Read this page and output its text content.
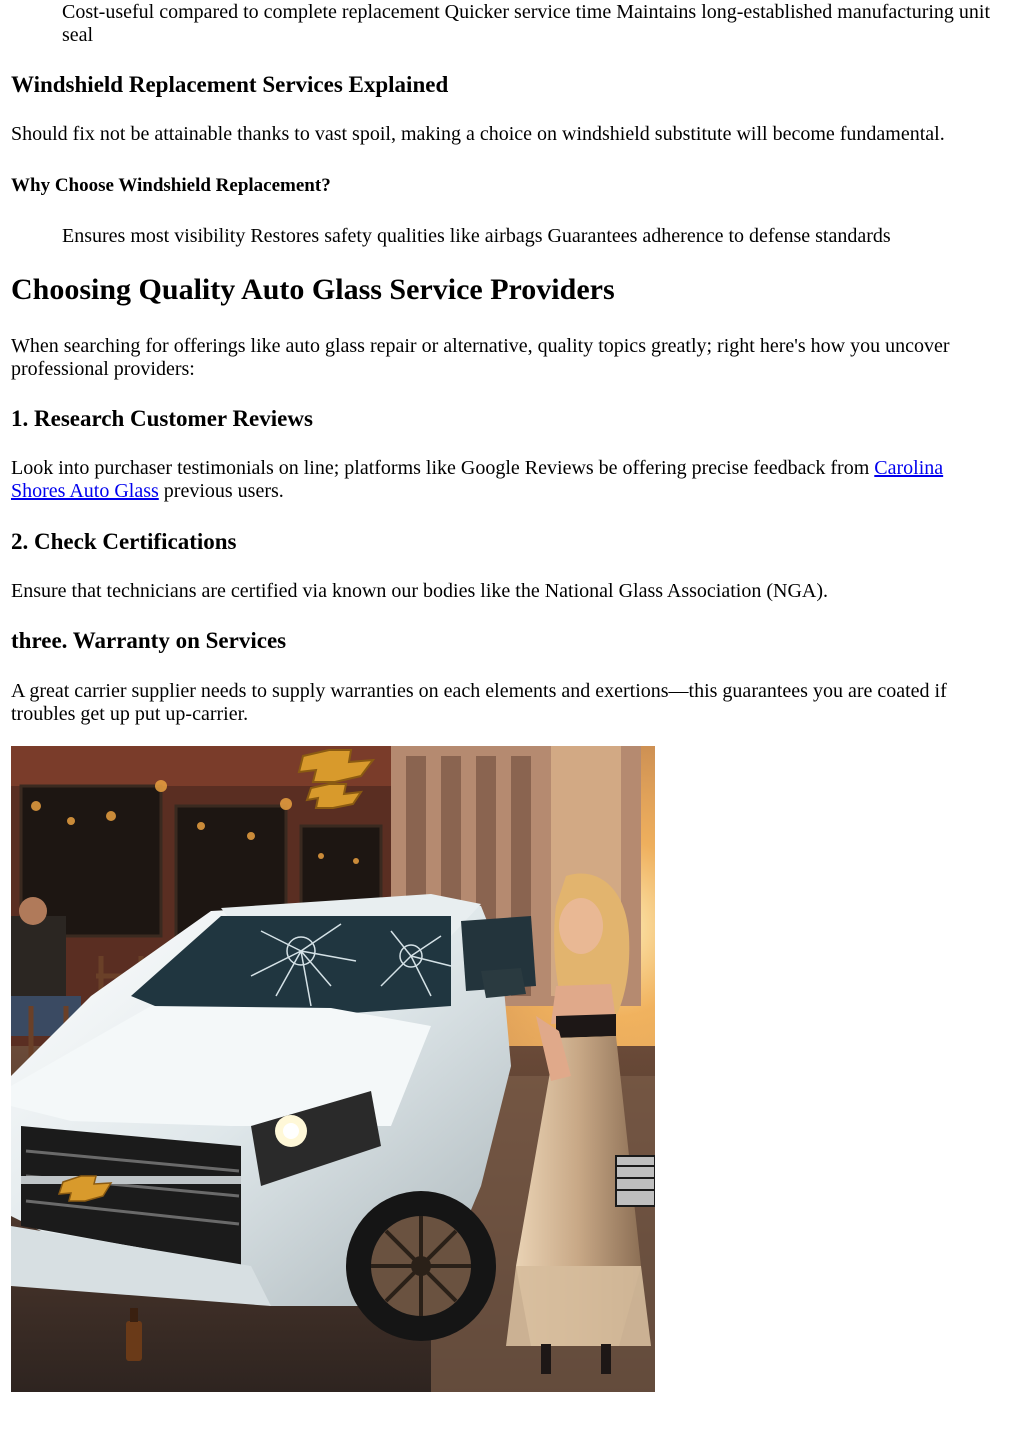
Cost-useful compared to complete replacement Quicker service time Maintains long-established manufacturing unit seal
Windshield Replacement Services Explained

Should fix not be attainable thanks to vast spoil, making a choice on windshield substitute will become fundamental.

Why Choose Windshield Replacement?
Ensures most visibility Restores safety qualities like airbags Guarantees adherence to defense standards
Choosing Quality Auto Glass Service Providers

When searching for offerings like auto glass repair or alternative, quality topics greatly; right here's how you uncover professional providers:

1. Research Customer Reviews

Look into purchaser testimonials on line; platforms like Google Reviews be offering precise feedback from Carolina Shores Auto Glass previous users.

2. Check Certifications

Ensure that technicians are certified via known our bodies like the National Glass Association (NGA).

three. Warranty on Services

A great carrier supplier needs to supply warranties on each elements and exertions—this guarantees you are coated if troubles get up put up-carrier.
